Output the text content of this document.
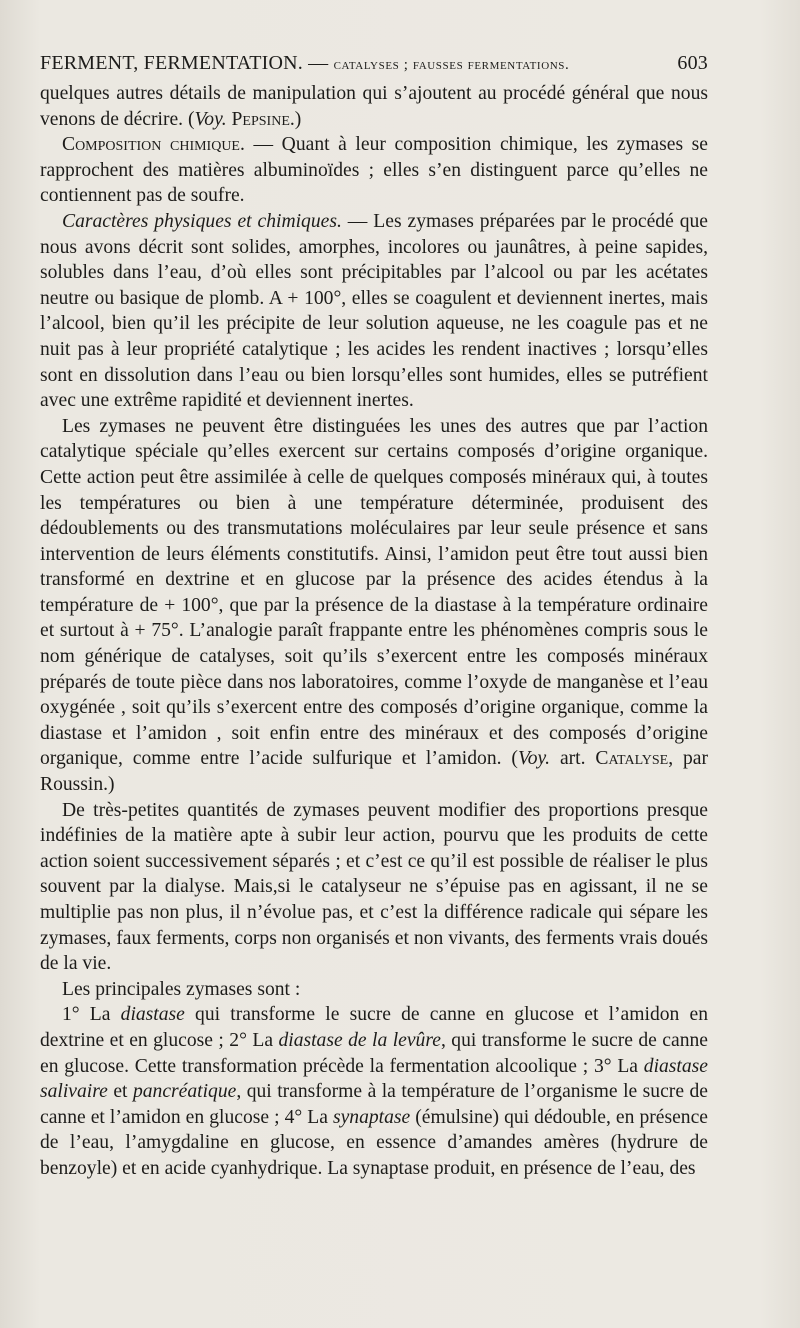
FERMENT, FERMENTATION. — catalyses ; fausses fermentations.	603

quelques autres détails de manipulation qui s’ajoutent au procédé général que nous venons de décrire. (Voy. Pepsine.)

Composition chimique. — Quant à leur composition chimique, les zymases se rapprochent des matières albuminoïdes ; elles s’en distinguent parce qu’elles ne contiennent pas de soufre.

Caractères physiques et chimiques. — Les zymases préparées par le procédé que nous avons décrit sont solides, amorphes, incolores ou jaunâtres, à peine sapides, solubles dans l’eau, d’où elles sont précipitables par l’alcool ou par les acétates neutre ou basique de plomb. A + 100°, elles se coagulent et deviennent inertes, mais l’alcool, bien qu’il les précipite de leur solution aqueuse, ne les coagule pas et ne nuit pas à leur propriété catalytique ; les acides les rendent inactives ; lorsqu’elles sont en dissolution dans l’eau ou bien lorsqu’elles sont humides, elles se putréfient avec une extrême rapidité et deviennent inertes.

Les zymases ne peuvent être distinguées les unes des autres que par l’action catalytique spéciale qu’elles exercent sur certains composés d’origine organique. Cette action peut être assimilée à celle de quelques composés minéraux qui, à toutes les températures ou bien à une température déterminée, produisent des dédoublements ou des transmutations moléculaires par leur seule présence et sans intervention de leurs éléments constitutifs. Ainsi, l’amidon peut être tout aussi bien transformé en dextrine et en glucose par la présence des acides étendus à la température de + 100°, que par la présence de la diastase à la température ordinaire et surtout à + 75°. L’analogie paraît frappante entre les phénomènes compris sous le nom générique de catalyses, soit qu’ils s’exercent entre les composés minéraux préparés de toute pièce dans nos laboratoires, comme l’oxyde de manganèse et l’eau oxygénée , soit qu’ils s’exercent entre des composés d’origine organique, comme la diastase et l’amidon , soit enfin entre des minéraux et des composés d’origine organique, comme entre l’acide sulfurique et l’amidon. (Voy. art. Catalyse, par Roussin.)

De très-petites quantités de zymases peuvent modifier des proportions presque indéfinies de la matière apte à subir leur action, pourvu que les produits de cette action soient successivement séparés ; et c’est ce qu’il est possible de réaliser le plus souvent par la dialyse. Mais,si le catalyseur ne s’épuise pas en agissant, il ne se multiplie pas non plus, il n’évolue pas, et c’est la différence radicale qui sépare les zymases, faux ferments, corps non organisés et non vivants, des ferments vrais doués de la vie.

Les principales zymases sont :

1° La diastase qui transforme le sucre de canne en glucose et l’amidon en dextrine et en glucose ; 2° La diastase de la levûre, qui transforme le sucre de canne en glucose. Cette transformation précède la fermentation alcoolique ; 3° La diastase salivaire et pancréatique, qui transforme à la température de l’organisme le sucre de canne et l’amidon en glucose ; 4° La synaptase (émulsine) qui dédouble, en présence de l’eau, l’amygdaline en glucose, en essence d’amandes amères (hydrure de benzoyle) et en acide cyanhydrique. La synaptase produit, en présence de l’eau, des
